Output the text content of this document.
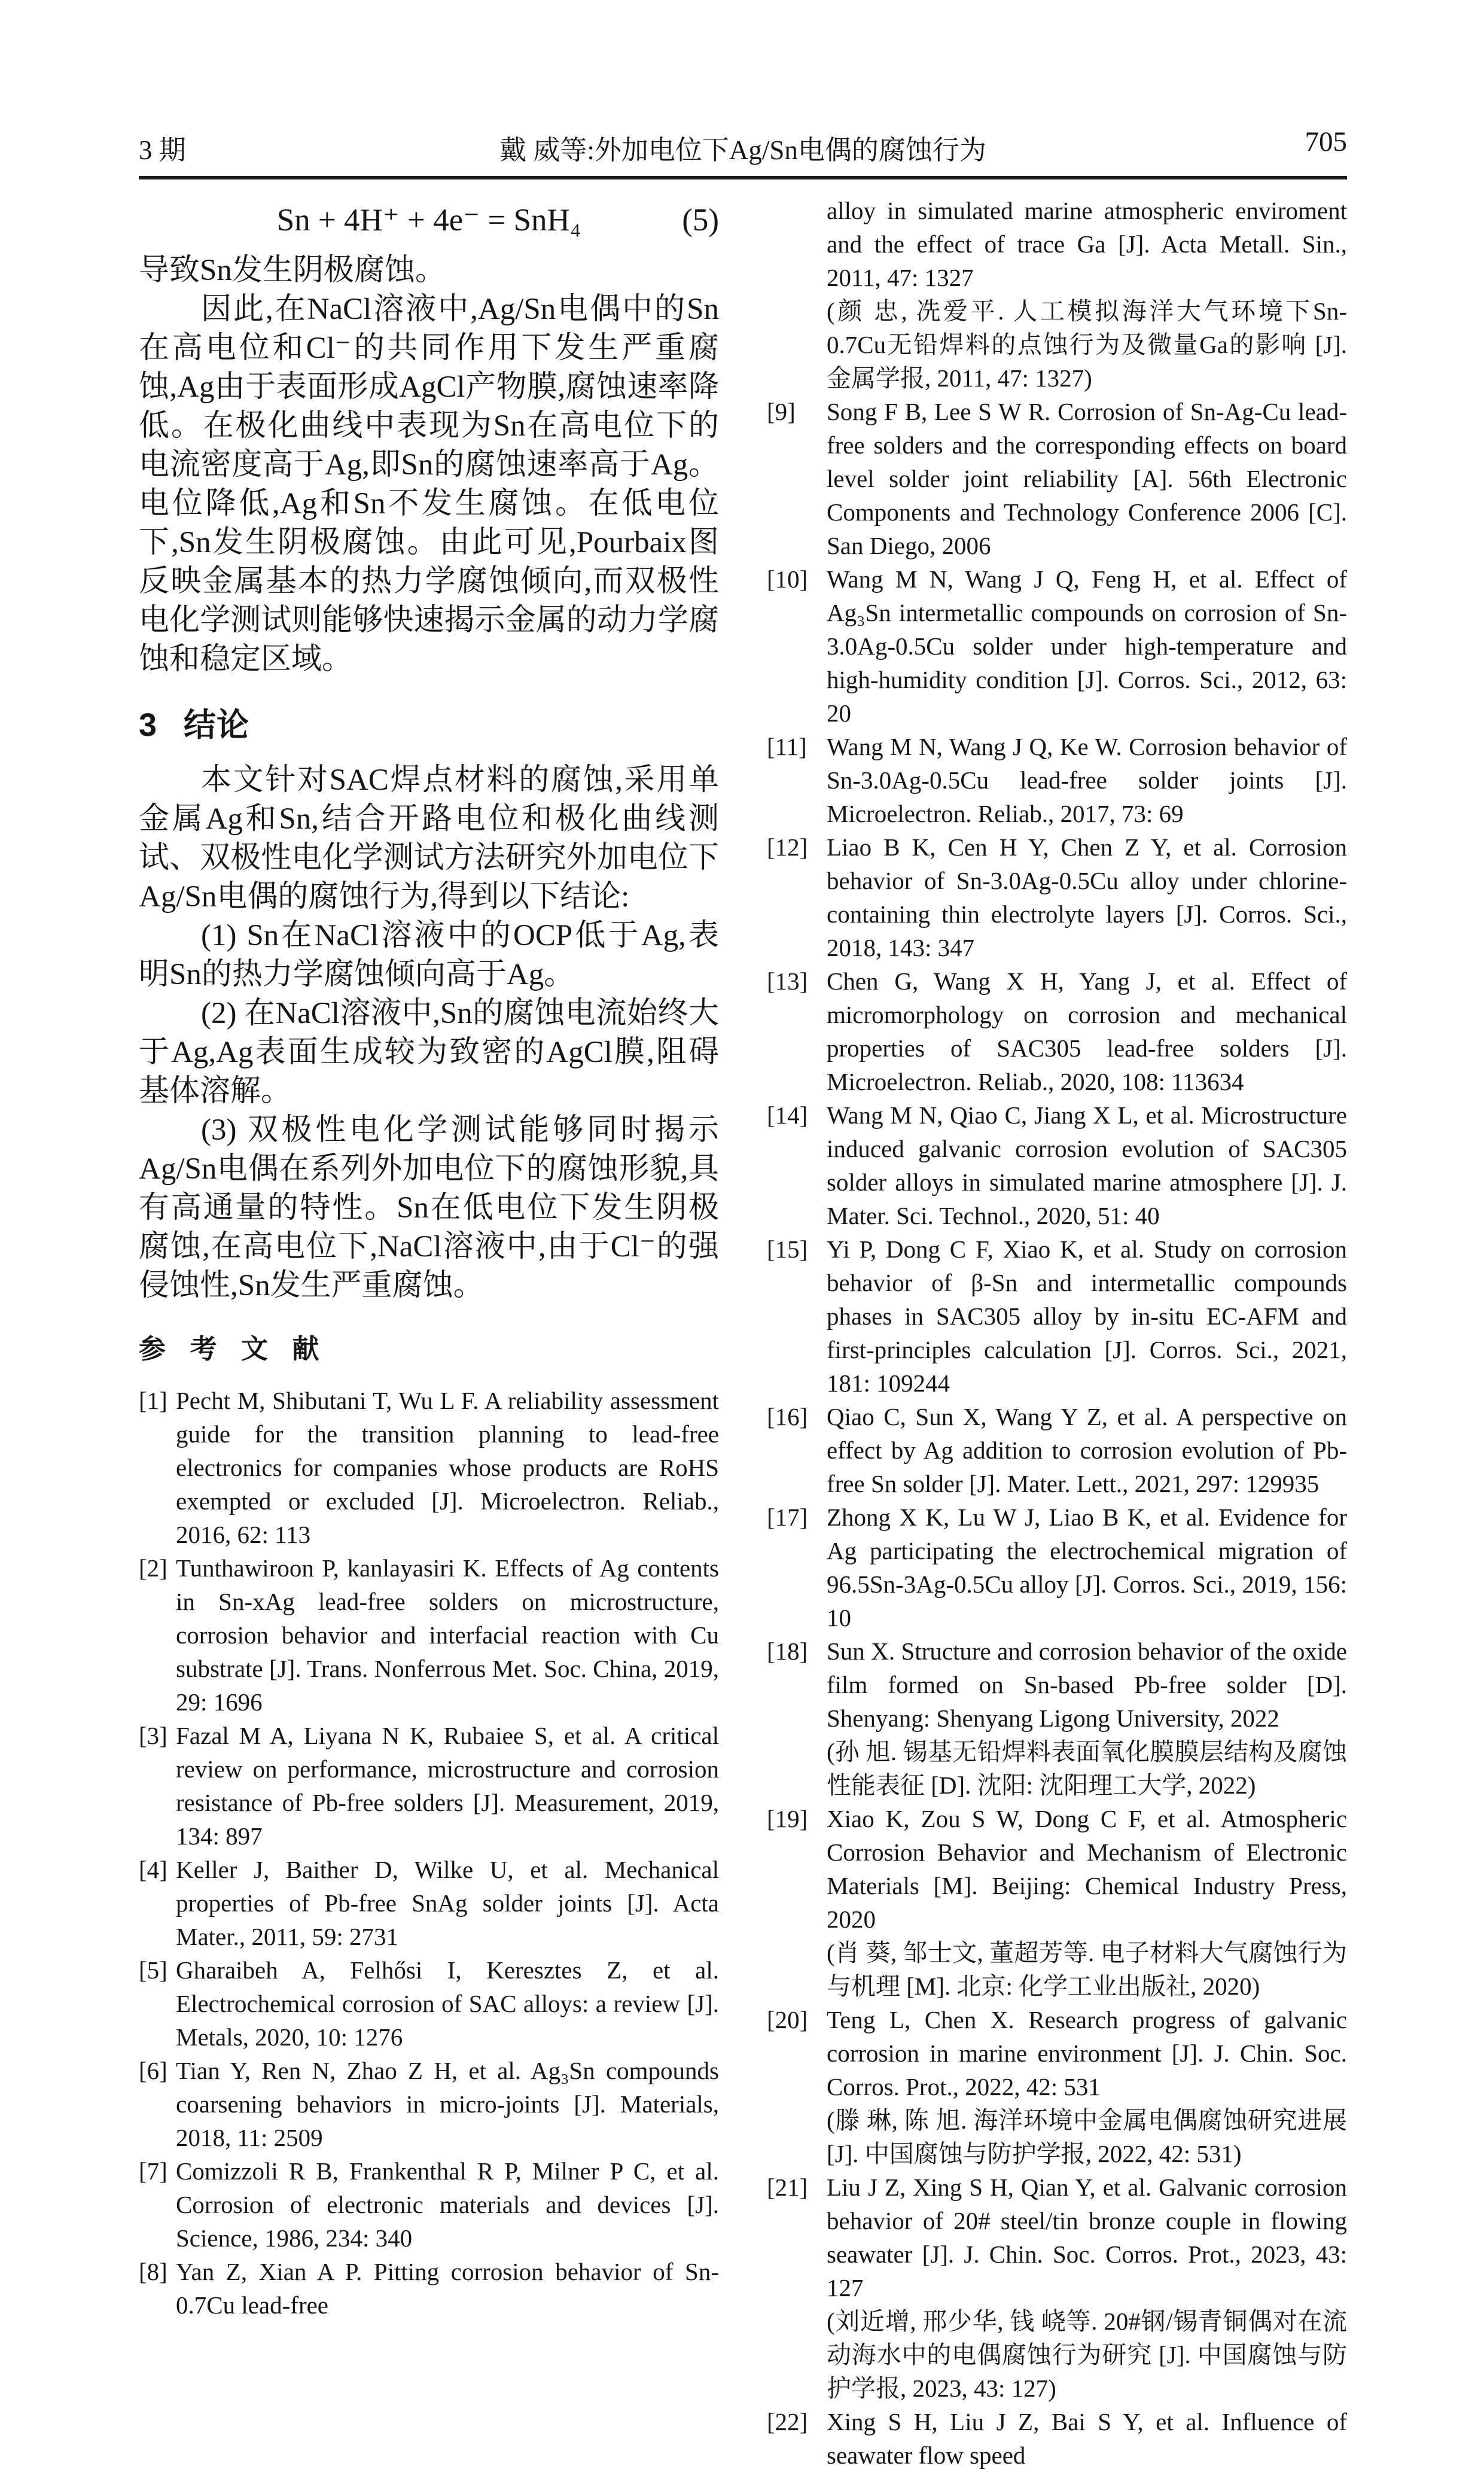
3 期	戴 威等:外加电位下Ag/Sn电偶的腐蚀行为	705
Sn + 4H⁺ + 4e⁻ = SnH₄	(5)

导致Sn发生阴极腐蚀。

因此,在NaCl溶液中,Ag/Sn电偶中的Sn在高电位和Cl⁻的共同作用下发生严重腐蚀,Ag由于表面形成AgCl产物膜,腐蚀速率降低。在极化曲线中表现为Sn在高电位下的电流密度高于Ag,即Sn的腐蚀速率高于Ag。电位降低,Ag和Sn不发生腐蚀。在低电位下,Sn发生阴极腐蚀。由此可见,Pourbaix图反映金属基本的热力学腐蚀倾向,而双极性电化学测试则能够快速揭示金属的动力学腐蚀和稳定区域。

3 结论

本文针对SAC焊点材料的腐蚀,采用单金属Ag和Sn,结合开路电位和极化曲线测试、双极性电化学测试方法研究外加电位下Ag/Sn电偶的腐蚀行为,得到以下结论:

(1) Sn在NaCl溶液中的OCP低于Ag,表明Sn的热力学腐蚀倾向高于Ag。

(2) 在NaCl溶液中,Sn的腐蚀电流始终大于Ag,Ag表面生成较为致密的AgCl膜,阻碍基体溶解。

(3) 双极性电化学测试能够同时揭示Ag/Sn电偶在系列外加电位下的腐蚀形貌,具有高通量的特性。Sn在低电位下发生阴极腐蚀,在高电位下,NaCl溶液中,由于Cl⁻的强侵蚀性,Sn发生严重腐蚀。

参 考 文 献
[1] Pecht M, Shibutani T, Wu L F. A reliability assessment guide for the transition planning to lead-free electronics for companies whose products are RoHS exempted or excluded [J]. Microelectron. Reliab., 2016, 62: 113
[2] Tunthawiroon P, kanlayasiri K. Effects of Ag contents in Sn-xAg lead-free solders on microstructure, corrosion behavior and interfacial reaction with Cu substrate [J]. Trans. Nonferrous Met. Soc. China, 2019, 29: 1696
[3] Fazal M A, Liyana N K, Rubaiee S, et al. A critical review on performance, microstructure and corrosion resistance of Pb-free solders [J]. Measurement, 2019, 134: 897
[4] Keller J, Baither D, Wilke U, et al. Mechanical properties of Pb-free SnAg solder joints [J]. Acta Mater., 2011, 59: 2731
[5] Gharaibeh A, Felhősi I, Keresztes Z, et al. Electrochemical corrosion of SAC alloys: a review [J]. Metals, 2020, 10: 1276
[6] Tian Y, Ren N, Zhao Z H, et al. Ag₃Sn compounds coarsening behaviors in micro-joints [J]. Materials, 2018, 11: 2509
[7] Comizzoli R B, Frankenthal R P, Milner P C, et al. Corrosion of electronic materials and devices [J]. Science, 1986, 234: 340
[8] Yan Z, Xian A P. Pitting corrosion behavior of Sn-0.7Cu lead-free
alloy in simulated marine atmospheric enviroment and the effect of trace Ga [J]. Acta Metall. Sin., 2011, 47: 1327
(颜 忠, 冼爱平. 人工模拟海洋大气环境下Sn-0.7Cu无铅焊料的点蚀行为及微量Ga的影响 [J]. 金属学报, 2011, 47: 1327)
[9] Song F B, Lee S W R. Corrosion of Sn-Ag-Cu lead-free solders and the corresponding effects on board level solder joint reliability [A]. 56th Electronic Components and Technology Conference 2006 [C]. San Diego, 2006
[10] Wang M N, Wang J Q, Feng H, et al. Effect of Ag₃Sn intermetallic compounds on corrosion of Sn-3.0Ag-0.5Cu solder under high-temperature and high-humidity condition [J]. Corros. Sci., 2012, 63: 20
[11] Wang M N, Wang J Q, Ke W. Corrosion behavior of Sn-3.0Ag-0.5Cu lead-free solder joints [J]. Microelectron. Reliab., 2017, 73: 69
[12] Liao B K, Cen H Y, Chen Z Y, et al. Corrosion behavior of Sn-3.0Ag-0.5Cu alloy under chlorine-containing thin electrolyte layers [J]. Corros. Sci., 2018, 143: 347
[13] Chen G, Wang X H, Yang J, et al. Effect of micromorphology on corrosion and mechanical properties of SAC305 lead-free solders [J]. Microelectron. Reliab., 2020, 108: 113634
[14] Wang M N, Qiao C, Jiang X L, et al. Microstructure induced galvanic corrosion evolution of SAC305 solder alloys in simulated marine atmosphere [J]. J. Mater. Sci. Technol., 2020, 51: 40
[15] Yi P, Dong C F, Xiao K, et al. Study on corrosion behavior of β-Sn and intermetallic compounds phases in SAC305 alloy by in-situ EC-AFM and first-principles calculation [J]. Corros. Sci., 2021, 181: 109244
[16] Qiao C, Sun X, Wang Y Z, et al. A perspective on effect by Ag addition to corrosion evolution of Pb-free Sn solder [J]. Mater. Lett., 2021, 297: 129935
[17] Zhong X K, Lu W J, Liao B K, et al. Evidence for Ag participating the electrochemical migration of 96.5Sn-3Ag-0.5Cu alloy [J]. Corros. Sci., 2019, 156: 10
[18] Sun X. Structure and corrosion behavior of the oxide film formed on Sn-based Pb-free solder [D]. Shenyang: Shenyang Ligong University, 2022
(孙 旭. 锡基无铅焊料表面氧化膜膜层结构及腐蚀性能表征 [D]. 沈阳: 沈阳理工大学, 2022)
[19] Xiao K, Zou S W, Dong C F, et al. Atmospheric Corrosion Behavior and Mechanism of Electronic Materials [M]. Beijing: Chemical Industry Press, 2020
(肖 葵, 邹士文, 董超芳等. 电子材料大气腐蚀行为与机理 [M]. 北京: 化学工业出版社, 2020)
[20] Teng L, Chen X. Research progress of galvanic corrosion in marine environment [J]. J. Chin. Soc. Corros. Prot., 2022, 42: 531
(滕 琳, 陈 旭. 海洋环境中金属电偶腐蚀研究进展 [J]. 中国腐蚀与防护学报, 2022, 42: 531)
[21] Liu J Z, Xing S H, Qian Y, et al. Galvanic corrosion behavior of 20# steel/tin bronze couple in flowing seawater [J]. J. Chin. Soc. Corros. Prot., 2023, 43: 127
(刘近增, 邢少华, 钱 峣等. 20#钢/锡青铜偶对在流动海水中的电偶腐蚀行为研究 [J]. 中国腐蚀与防护学报, 2023, 43: 127)
[22] Xing S H, Liu J Z, Bai S Y, et al. Influence of seawater flow speed
